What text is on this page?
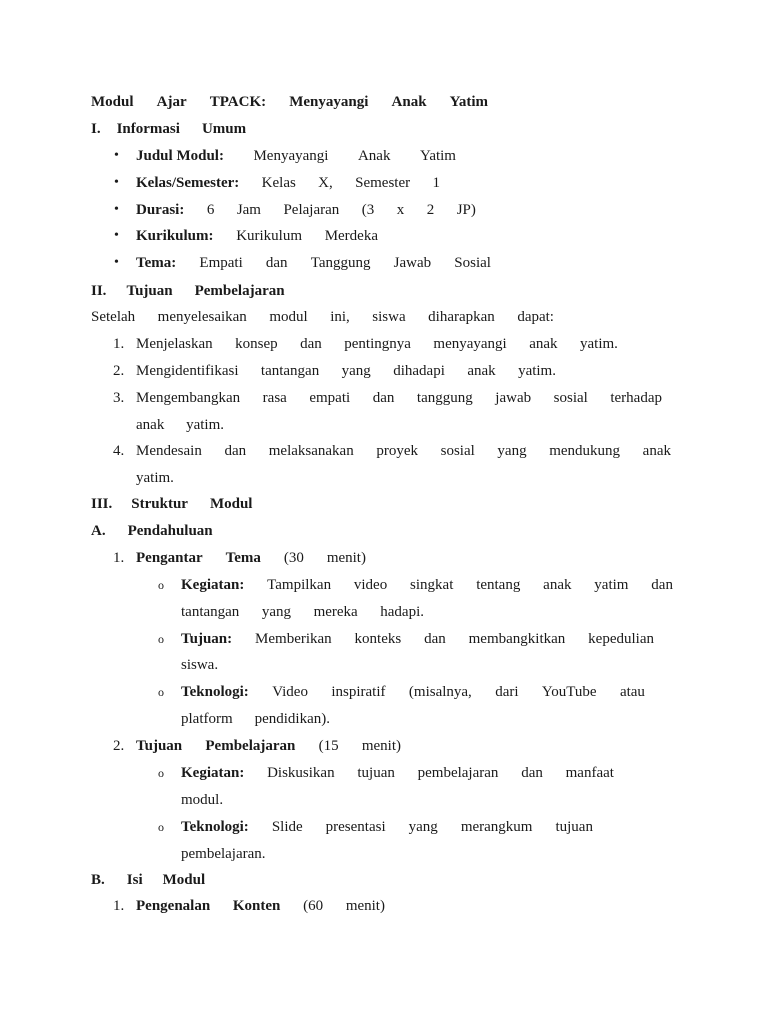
Modul Ajar TPACK: Menyayangi Anak Yatim
I. Informasi Umum
• Judul Modul: Menyayangi Anak Yatim
• Kelas/Semester: Kelas X, Semester 1
• Durasi: 6 Jam Pelajaran (3 x 2 JP)
• Kurikulum: Kurikulum Merdeka
• Tema: Empati dan Tanggung Jawab Sosial
II. Tujuan Pembelajaran
Setelah menyelesaikan modul ini, siswa diharapkan dapat:
1. Menjelaskan konsep dan pentingnya menyayangi anak yatim.
2. Mengidentifikasi tantangan yang dihadapi anak yatim.
3. Mengembangkan rasa empati dan tanggung jawab sosial terhadap
anak yatim.
4. Mendesain dan melaksanakan proyek sosial yang mendukung anak
yatim.
III. Struktur Modul
A. Pendahuluan
1. Pengantar Tema (30 menit)
o Kegiatan: Tampilkan video singkat tentang anak yatim dan
tantangan yang mereka hadapi.
o Tujuan: Memberikan konteks dan membangkitkan kepedulian
siswa.
o Teknologi: Video inspiratif (misalnya, dari YouTube atau
platform pendidikan).
2. Tujuan Pembelajaran (15 menit)
o Kegiatan: Diskusikan tujuan pembelajaran dan manfaat
modul.
o Teknologi: Slide presentasi yang merangkum tujuan
pembelajaran.
B. Isi Modul
1. Pengenalan Konten (60 menit)
